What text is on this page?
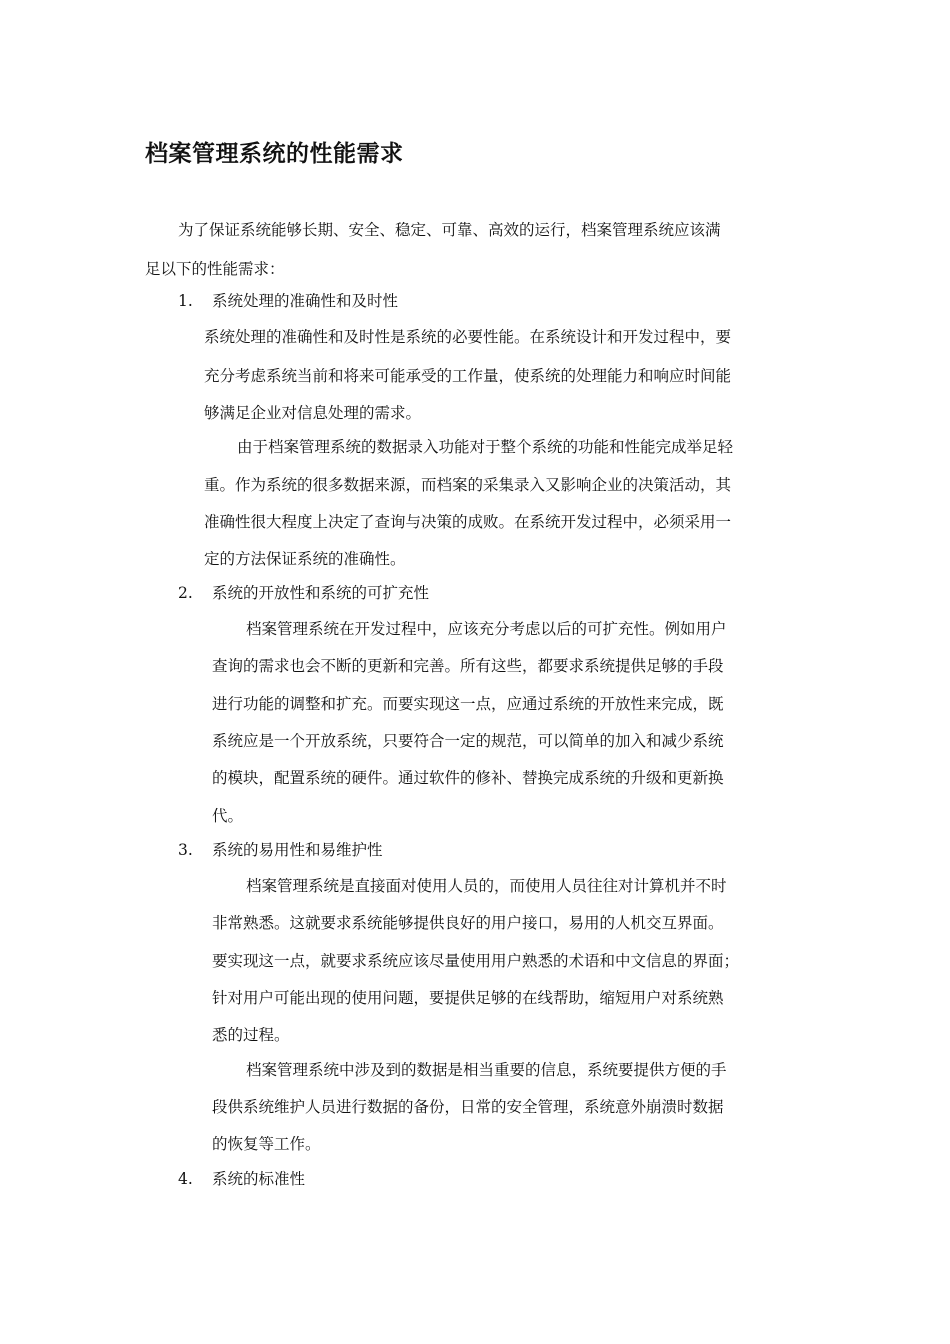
档案管理系统的性能需求
为了保证系统能够长期、安全、稳定、可靠、高效的运行，档案管理系统应该满
足以下的性能需求：
1. 系统处理的准确性和及时性
系统处理的准确性和及时性是系统的必要性能。在系统设计和开发过程中，要
充分考虑系统当前和将来可能承受的工作量，使系统的处理能力和响应时间能
够满足企业对信息处理的需求。
由于档案管理系统的数据录入功能对于整个系统的功能和性能完成举足轻
重。作为系统的很多数据来源，而档案的采集录入又影响企业的决策活动，其
准确性很大程度上决定了查询与决策的成败。在系统开发过程中，必须采用一
定的方法保证系统的准确性。
2. 系统的开放性和系统的可扩充性
档案管理系统在开发过程中，应该充分考虑以后的可扩充性。例如用户
查询的需求也会不断的更新和完善。所有这些，都要求系统提供足够的手段
进行功能的调整和扩充。而要实现这一点，应通过系统的开放性来完成，既
系统应是一个开放系统，只要符合一定的规范，可以简单的加入和减少系统
的模块，配置系统的硬件。通过软件的修补、替换完成系统的升级和更新换
代。
3. 系统的易用性和易维护性
档案管理系统是直接面对使用人员的，而使用人员往往对计算机并不时
非常熟悉。这就要求系统能够提供良好的用户接口，易用的人机交互界面。
要实现这一点，就要求系统应该尽量使用用户熟悉的术语和中文信息的界面；
针对用户可能出现的使用问题，要提供足够的在线帮助，缩短用户对系统熟
悉的过程。
档案管理系统中涉及到的数据是相当重要的信息，系统要提供方便的手
段供系统维护人员进行数据的备份，日常的安全管理，系统意外崩溃时数据
的恢复等工作。
4. 系统的标准性
